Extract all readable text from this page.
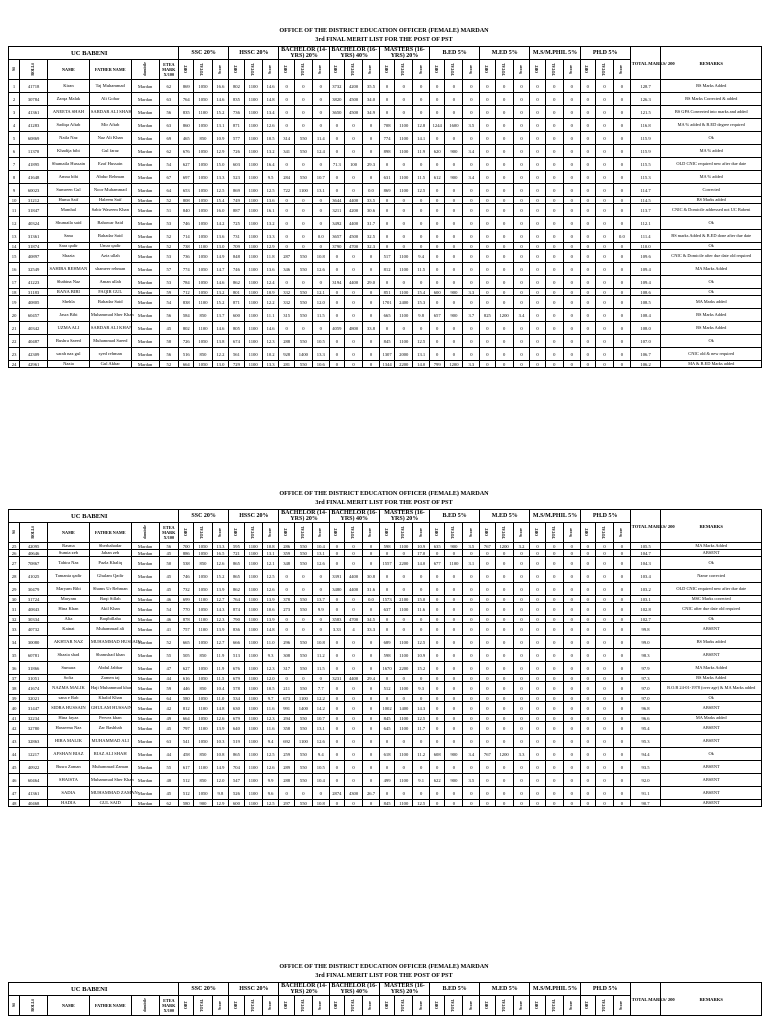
OFFICE OF THE DISTRICT EDUCATION OFFICER (FEMALE) MARDAN
3rd FINAL MERIT LIST FOR THE POST OF PST
UC BABENI						SSC 20%			HSSC 20%			BACHELOR (14-YRS) 20%			BACHELOR (16-YRS) 40%			MASTERS (16-YRS) 20%			B.ED 5%			M.ED 5%			M.S/M.PHIL 5%			PH.D 5%			TOTAL MARKS/ 200	REMARKS
S#	ROLL#	NAME	FATHER NAME	domicile	ETEA MARK X/100	OBT	TOTAL	Score	OBT	TOTAL	Score	OBT	TOTAL	Score	OBT	TOTAL	Score	OBT	TOTAL	Score	OBT	TOTAL	Score	OBT	TOTAL	Score	OBT	TOTAL	Score	OBT	TOTAL	Score		
1	41718	Kiran	Taj Muhammad	Mardan	62	869	1050	16.6	802	1100	14.6	0	0	0	3732	4200	35.5	0	0	0	0	0	0	0	0	0	0	0	0	0	0	0	128.7	BS Marks Added
2	30784	Zarqa Malak	Ali Gohar	Mardan	63	764	1050	14.6	835	1100	14.8	0	0	0	3820	4500	34.0	0	0	0	0	0	0	0	0	0	0	0	0	0	0	0	126.3	BS Marks Corrected & added
3	41361	ANEETA SHAH	SARDAR ALI SHAH	Mardan	56	835	1100	15.2	736	1100	13.4	0	0	0	3650	4500	34.9	0	0	0	0	0	0	0	0	0	0	0	0	0	0	0	121.5	BS GPA Converted into marks and added
4	41283	Sadiqa Aftab	Mir Aftab	Mardan	63	860	1050	13.1	871	1100	12.6	0	0	0	0	0	0	708	1100	12.8	1244	1600	3.5	0	0	0	0	0	0	0	0	0	116.8	MA % added & B.ED degree required
5	60869	Naila Naz	Naz Ali Khan	Mardan	69	465	850	10.9	577	1100	10.5	314	550	11.4	0	0	0	774	1100	14.1	0	0	0	0	0	0	0	0	0	0	0	0	115.9	Ok
6	11370	Khadija bibi	Gul faraz	Mardan	62	676	1050	12.9	726	1100	13.2	341	550	12.4	0	0	0	898	1100	11.9	620	900	3.4	0	0	0	0	0	0	0	0	0	115.9	MA % added
7	41895	Shumaila Hussain	Ezaf Hussain	Mardan	54	627	1050	15.0	603	1100	16.4	0	0	0	71.3	100	29.3	0	0	0	0	0	0	0	0	0	0	0	0	0	0	0	115.5	OLD CNIC required new after due date
8	41648	Amna bibi	Abdur Rehman	Mardan	67	697	1050	13.3	523	1100	9.5	284	550	10.7	0	0	0	631	1100	11.5	612	900	3.4	0	0	0	0	0	0	0	0	0	115.3	MA % added
9	60023	Sumreen Gul	Noor Muhammad	Mardan	64	653	1050	12.5	869	1100	12.5	722	1100	13.1	0	0	0.0	869	1100	12.5	0	0	0	0	0	0	0	0	0	0	0	0	114.7	Corrected
10	31212	Huma Saif	Haleem Saif	Mardan	52	808	1050	15.4	749	1100	13.6	0	0	0	3644	4400	33.5	0	0	0	0	0	0	0	0	0	0	0	0	0	0	0	114.5	BS Marks added
11	31847	Mamhal	Sabir Waseem Khan	Mardan	51	840	1050	16.0	887	1100	16.1	0	0	0	3211	4200	30.6	0	0	0	0	0	0	0	0	0	0	0	0	0	0	0	113.7	CNIC & Domicile addressed not UC Babeni
12	40324	Shumaila said	Bahawar Said	Mardan	53	746	1050	14.2	725	1100	13.2	0	0	0	3492	4400	31.7	0	0	0	0	0	0	0	0	0	0	0	0	0	0	0	112.1	Ok
13	31361	Sana	Bahadar Said	Mardan	52	714	1050	13.6	731	1100	13.3	0	0	0.0	3657	4500	32.5	0	0	0	0	0	0	0	0	0	0	0	0	0	0	0.0	111.4	BS marks Added & B.ED done after due date
14	31874	Sara qadir	Umar qadir	Mardan	52	738	1100	13.0	709	1100	12.9	0	0	0	3790	4700	32.3	0	0	0	0	0	0	0	0	0	0	0	0	0	0	0	110.0	Ok
15	40897	Shazia	Aziz ullah	Mardan	53	736	1050	14.9	848	1100	11.8	287	550	10.8	0	0	0	517	1100	9.4	0	0	0	0	0	0	0	0	0	0	0	0	109.6	CNIC & Domicile after due date old required
16	32549	SAHIBA REHMAN	shameer rehman	Mardan	57	774	1050	14.7	746	1100	13.6	346	550	12.6	0	0	0	812	1100	11.5	0	0	0	0	0	0	0	0	0	0	0	0	109.4	MA Marks Added
17	41223	Shabina Naz	Aman ullah	Mardan	53	784	1050	14.6	862	1100	12.4	0	0	0	3194	4400	29.0	0	0	0	0	0	0	0	0	0	0	0	0	0	0	0	109.4	Ok
18	31183	RANA BIBI	FAQIR GUL	Mardan	59	712	1050	13.2	801	1100	10.9	332	550	12.1	0	0	0	851	1100	15.4	600	900	3.3	0	0	0	0	0	0	0	0	0	108.6	Ok
19	40805	Shehla	Bahadar Said	Mardan	54	838	1100	15.2	871	1100	12.2	332	550	12.0	0	0	0	1701	2400	15.3	0	0	0	0	0	0	0	0	0	0	0	0	108.5	MA Marks added
20	60457	Jasra Bibi	Muhammad Sher Khan	Mardan	56	584	850	13.7	600	1100	11.1	315	550	11.5	0	0	0	665	1100	9.8	657	900	3.7	825	1200	3.4	0	0	0	0	0	0	108.4	BS Marks Added
21	40342	UZMA ALI	SARDAR ALI KHAN	Mardan	45	802	1100	14.6	805	1100	14.6	0	0	0	4059	4800	33.8	0	0	0	0	0	0	0	0	0	0	0	0	0	0	0	108.0	BS Marks Added
22	40487	Bushra Saeed	Muhammad Saeed	Mardan	58	726	1050	13.8	674	1100	12.3	288	550	10.5	0	0	0	845	1100	12.5	0	0	0	0	0	0	0	0	0	0	0	0	107.0	Ok
23	42309	sarah naz gul	syed rehman	Mardan	56	516	850	12.2	561	1100	10.2	928	1400	13.3	0	0	0	1307	2000	13.1	0	0	0	0	0	0	0	0	0	0	0	0	106.7	CNIC old & new required
24	42961	Nazia	Gul Akbar	Mardan	52	664	1050	13.0	729	1100	13.3	281	550	10.6	0	0	0	1344	2200	14.0	799	1200	3.3	0	0	0	0	0	0	0	0	0	106.2	MA & B.ED Marks added
OFFICE OF THE DISTRICT EDUCATION OFFICER (FEMALE) MARDAN
3rd FINAL MERIT LIST FOR THE POST OF PST
UC BABENI						SSC 20%			HSSC 20%			BACHELOR (14-YRS) 20%			BACHELOR (16-YRS) 40%			MASTERS (16-YRS) 20%			B.ED 5%			M.ED 5%			M.S/M.PHIL 5%			PH.D 5%			TOTAL MARKS/ 200	REMARKS
S#	ROLL#	NAME	FATHER NAME	domicile	ETEA MARK X/100	OBT	TOTAL	Score	OBT	TOTAL	Score	OBT	TOTAL	Score	OBT	TOTAL	Score	OBT	TOTAL	Score	OBT	TOTAL	Score	OBT	TOTAL	Score	OBT	TOTAL	Score	OBT	TOTAL	Score		
25	42095	Rasma	Sherbahadar	Mardan	56	700	1050	13.3	595	1100	10.8	286	550	10.4	0	0	0	598	1100	10.9	635	900	3.5	767	1200	3.2	0	0	0	0	0	0	105.5	MA Marks Added
26	40646	Sumia zeb	Jahan zeb	Mardan	45	886	1050	16.5	721	1100	13.1	359	550	13.1	0	0	0	0	0	17.0	0	0	0	0	0	0	0	0	0	0	0	0	104.7	ABSENT
27	70867	Tahira Naz	Pazla Khaliq	Mardan	50	538	850	12.6	865	1100	12.1	348	550	12.6	0	0	0	1557	2200	14.0	677	1100	3.1	0	0	0	0	0	0	0	0	0	104.3	Ok
28	41025	Tamania qadir	Ghulam Qadir	Mardan	45	746	1050	15.2	865	1100	12.5	0	0	0	3391	4400	30.8	0	0	0	0	0	0	0	0	0	0	0	0	0	0	0	103.4	Name corrected
29	30479	Maryam Bibi	Shams Ur Rehman	Mardan	45	732	1050	13.9	862	1100	12.6	0	0	0	3480	4400	31.6	0	0	0	0	0	0	0	0	0	0	0	0	0	0	0	103.2	OLD CNIC required new after due date
30	31724	Maryam	Baqi Sillah	Mardan	46	699	1100	12.7	764	1100	13.9	378	550	13.7	0	0	0.0	1573	2100	15.0	0	0	0	0	0	0	0	0	0	0	0	0	103.1	MSC Marks corrected
31	40843	Hina Khan	Akil Khan	Mardan	54	770	1050	14.3	874	1100	10.6	273	550	9.9	0	0	0	637	1100	11.6	0	0	0	0	0	0	0	0	0	0	0	0	102.8	CNIC after due date old required
32	30334	Alia	Baqibillaha	Mardan	46	878	1100	12.3	790	1100	13.9	0	0	0	3583	4700	34.5	0	0	0	0	0	0	0	0	0	0	0	0	0	0	0	102.7	Ok
33	40732	Kainat	Muhammad ali	Mardan	41	757	1100	13.9	836	1100	14.8	0	0	0	3.33	4	33.3	0	0	0	0	0	0	0	0	0	0	0	0	0	0	0	99.8	ABSENT
34	30080	AKHTAR NAZ	MUHAMMAD HUSSAIN	Mardan	52	665	1050	12.7	666	1100	11.0	296	550	10.8	0	0	0	689	1100	12.5	0	0	0	0	0	0	0	0	0	0	0	0	99.0	BS Marks added
35	60781	Shazia shad	Shamshad khan	Mardan	55	505	850	11.9	513	1100	9.3	308	550	11.2	0	0	0	598	1100	10.9	0	0	0	0	0	0	0	0	0	0	0	0	98.3	ABSENT
36	31866	Sumara	Abdul Jabbar	Mardan	47	627	1050	11.9	676	1100	12.3	317	550	11.5	0	0	0	1670	2200	15.2	0	0	0	0	0	0	0	0	0	0	0	0	97.9	MA Marks Added
37	31051	Sofia	Zamen taj	Mardan	44	616	1050	11.5	679	1100	12.0	0	0	0	3231	4400	29.4	0	0	0	0	0	0	0	0	0	0	0	0	0	0	0	97.3	BS Marks Added
38	41674	NAZMA MALIK	Haji Muhammad khan	Mardan	59	446	850	10.4	578	1100	10.5	211	550	7.7	0	0	0	512	1100	9.3	0	0	0	0	0	0	0	0	0	0	0	0	97.0	B.O.B 24-01-1978 (over age) & MA Marks added
39	32021	sana e Rab	Khalid Khan	Mardan	64	580	1050	11.0	534	1100	9.7	673	1100	12.2	0	0	0	0	0	0	0	0	0	0	0	0	0	0	0	0	0	0	97.0	Ok
40	31447	SIDRA HUSSAIN	GHULAM HUSSAIN	Mardan	42	812	1100	14.8	630	1100	11.6	991	1400	14.2	0	0	0	1002	1400	14.3	0	0	0	0	0	0	0	0	0	0	0	0	96.8	ABSENT
41	32234	Hina fayaz	Pervez khan	Mardan	49	664	1050	12.6	679	1100	12.3	294	550	10.7	0	0	0	845	1100	12.5	0	0	0	0	0	0	0	0	0	0	0	0	96.6	MA Marks added
42	32780	Hasseena Naz	Zar Bashhah	Mardan	45	797	1100	13.9	640	1100	11.6	358	550	13.1	0	0	0	645	1100	11.7	0	0	0	0	0	0	0	0	0	0	0	0	95.4	ABSENT
43	32863	HIRA MALIK	MUHAMMAD ALI	Mardan	63	541	1050	10.3	519	1100	9.4	692	1100	12.6	0	0	0	0	0	0	0	0	0	0	0	0	0	0	0	0	0	0	95.3	ABSENT
44	12217	AFSHAN BIAZ	RIAZ ALI SHAH	Mardan	44	458	850	10.8	865	1100	12.5	259	550	9.4	0	0	0	618	1100	11.2	608	900	3.4	767	1200	3.3	0	0	0	0	0	0	94.4	Ok
45	40922	Busra Zaman	Muhammad Zaman	Mardan	55	617	1100	14.9	704	1100	12.6	289	550	10.5	0	0	0	0	0	0	0	0	0	0	0	0	0	0	0	0	0	0	93.5	ABSENT
46	60464	SHAISTA	Muhammad Sher Khan	Mardan	48	512	850	12.0	547	1100	9.9	288	550	10.4	0	0	0	499	1100	9.1	622	900	3.5	0	0	0	0	0	0	0	0	0	92.0	ABSENT
47	41361	SADIA	MUHAMMAD ZAMAN	Mardan	45	512	1050	9.8	526	1100	9.6	0	0	0	2874	4300	26.7	0	0	0	0	0	0	0	0	0	0	0	0	0	0	0	91.1	ABSENT
48	40468	HADIA	GUL SAID	Mardan	62	580	900	12.9	600	1100	12.5	297	550	10.8	0	0	0	845	1100	12.5	0	0	0	0	0	0	0	0	0	0	0	0	90.7	ABSENT
OFFICE OF THE DISTRICT EDUCATION OFFICER (FEMALE) MARDAN
3rd FINAL MERIT LIST FOR THE POST OF PST
UC BABENI						SSC 20%			HSSC 20%			BACHELOR (14-YRS) 20%			BACHELOR (16-YRS) 40%			MASTERS (16-YRS) 20%			B.ED 5%			M.ED 5%			M.S/M.PHIL 5%			PH.D 5%			TOTAL MARKS/ 200	REMARKS
S#	ROLL#	NAME	FATHER NAME	domicile	ETEA MARK X/100	OBT	TOTAL	Score	OBT	TOTAL	Score	OBT	TOTAL	Score	OBT	TOTAL	Score	OBT	TOTAL	Score	OBT	TOTAL	Score	OBT	TOTAL	Score	OBT	TOTAL	Score	OBT	TOTAL	Score		
